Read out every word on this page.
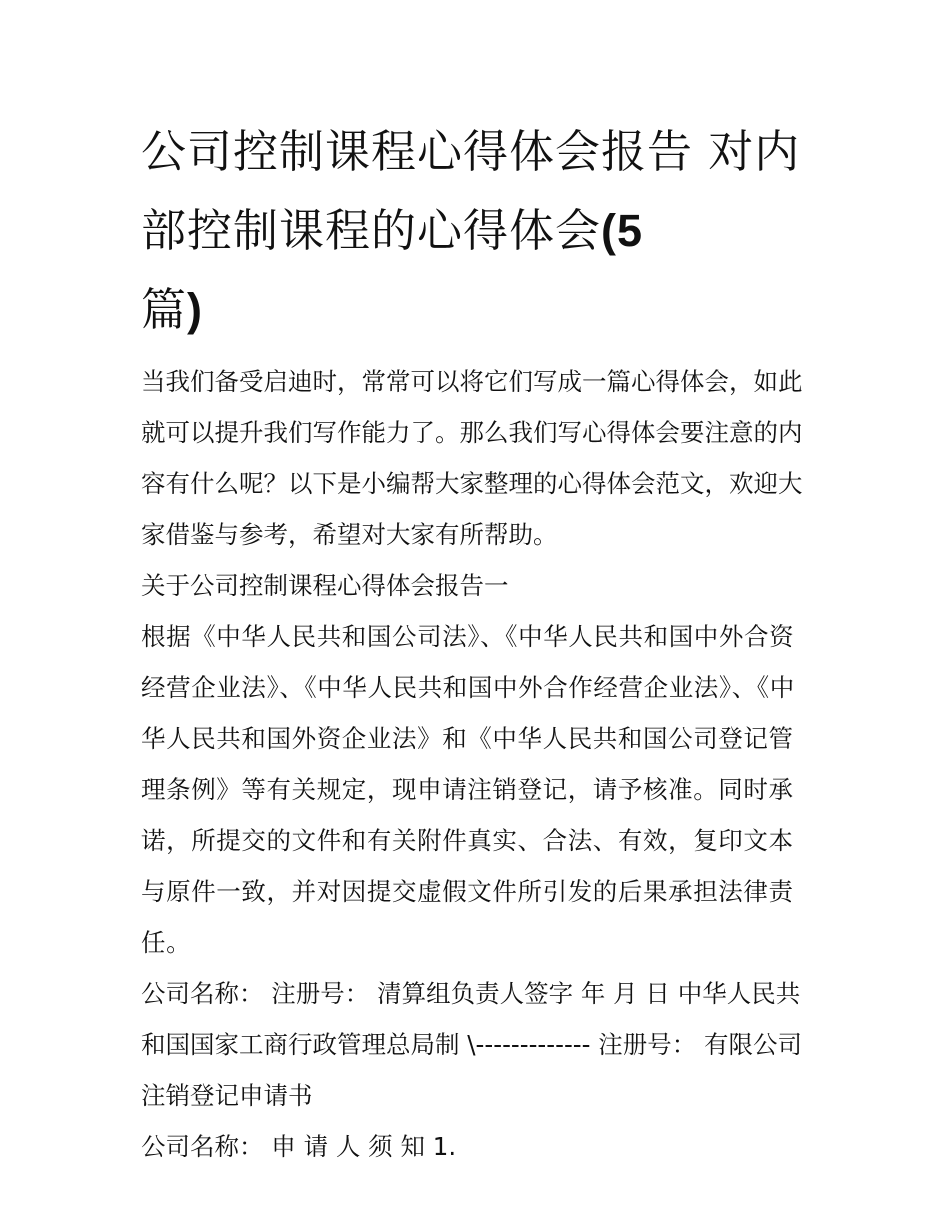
公司控制课程心得体会报告 对内部控制课程的心得体会(5
篇)

当我们备受启迪时，常常可以将它们写成一篇心得体会，如此就可以提升我们写作能力了。那么我们写心得体会要注意的内容有什么呢？以下是小编帮大家整理的心得体会范文，欢迎大家借鉴与参考，希望对大家有所帮助。

关于公司控制课程心得体会报告一

根据《中华人民共和国公司法》、《中华人民共和国中外合资经营企业法》、《中华人民共和国中外合作经营企业法》、《中华人民共和国外资企业法》和《中华人民共和国公司登记管理条例》等有关规定，现申请注销登记，请予核准。同时承诺，所提交的文件和有关附件真实、合法、有效，复印文本与原件一致，并对因提交虚假文件所引发的后果承担法律责任。

公司名称： 注册号： 清算组负责人签字 年 月 日 中华人民共和国国家工商行政管理总局制 \------------- 注册号： 有限公司注销登记申请书

公司名称： 申 请 人 须 知 1.
